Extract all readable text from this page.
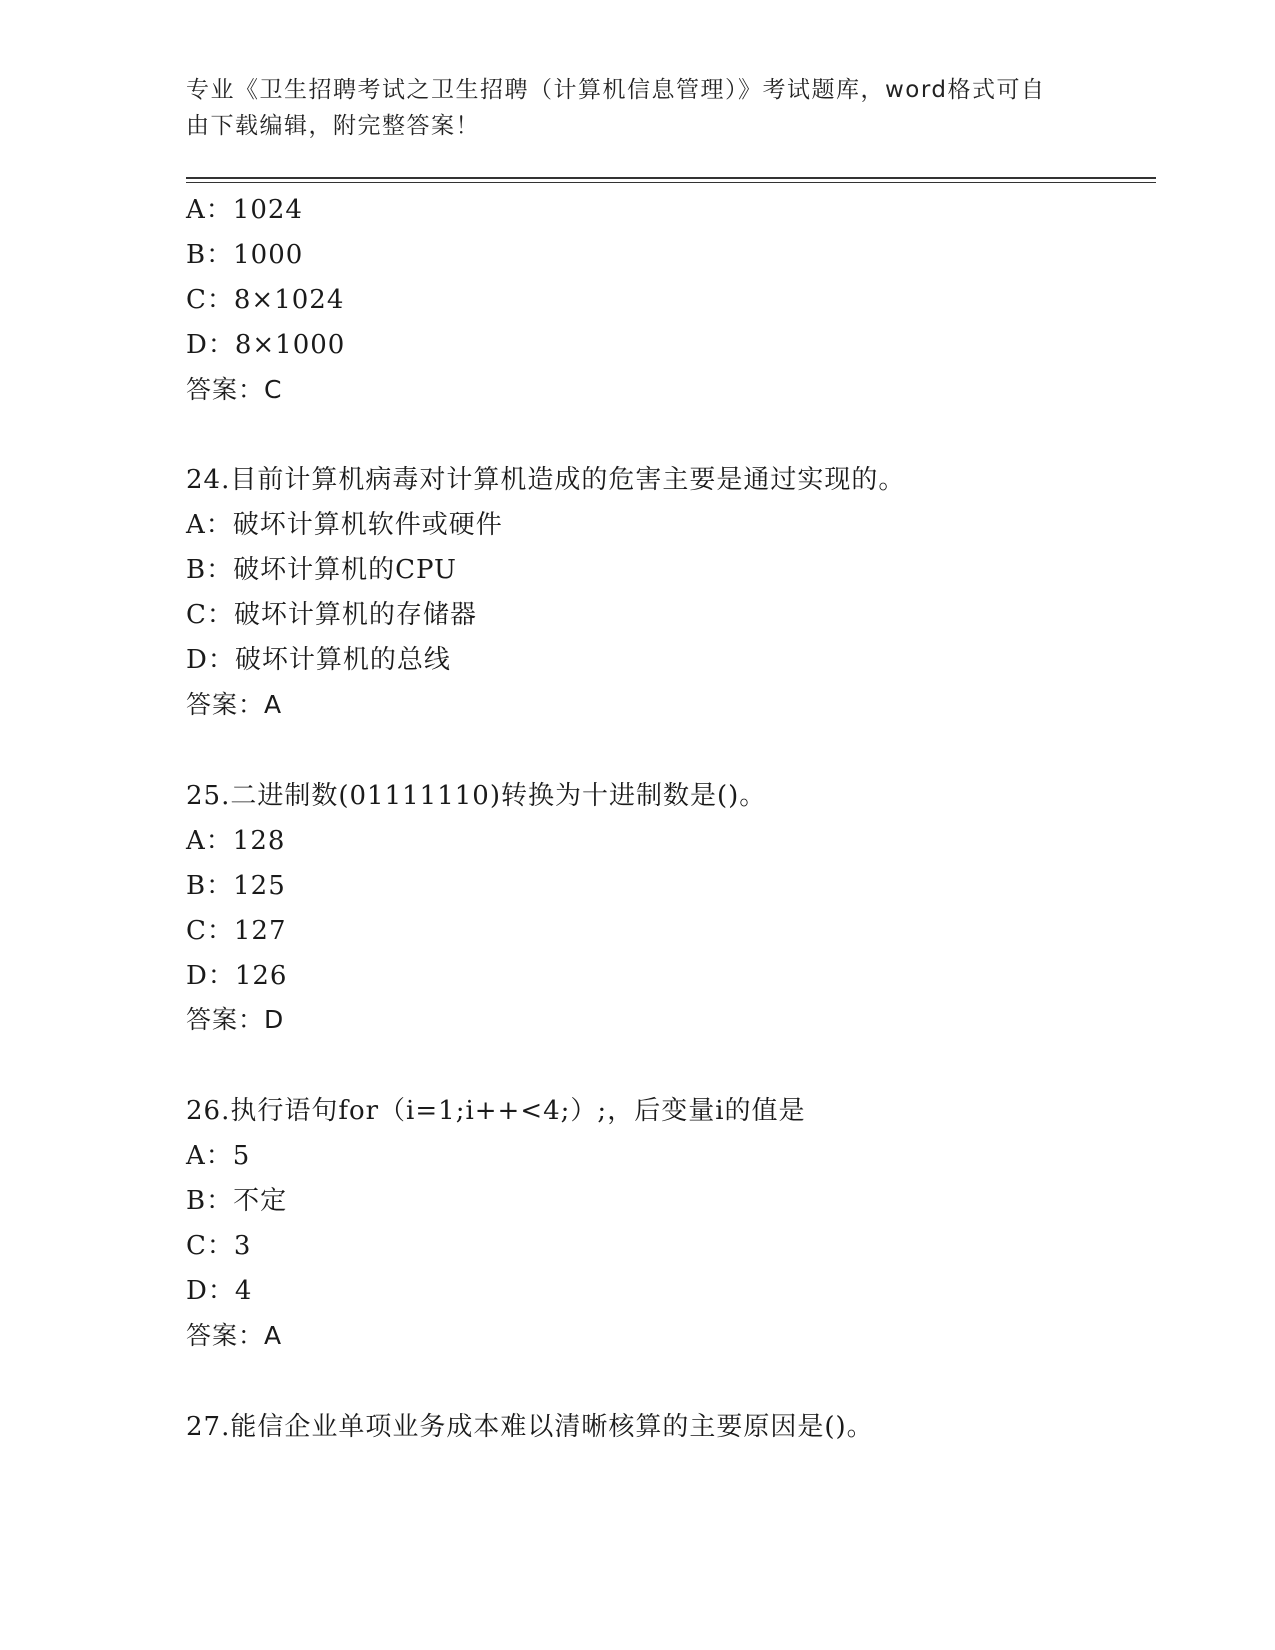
专业《卫生招聘考试之卫生招聘（计算机信息管理）》考试题库，word格式可自
由下载编辑，附完整答案！
A：1024
B：1000
C：8×1024
D：8×1000
答案：C
24.目前计算机病毒对计算机造成的危害主要是通过实现的。
A：破坏计算机软件或硬件
B：破坏计算机的CPU
C：破坏计算机的存储器
D：破坏计算机的总线
答案：A
25.二进制数(01111110)转换为十进制数是()。
A：128
B：125
C：127
D：126
答案：D
26.执行语句for（i=1;i++<4;）;，后变量i的值是
A：5
B：不定
C：3
D：4
答案：A
27.能信企业单项业务成本难以清晰核算的主要原因是()。
